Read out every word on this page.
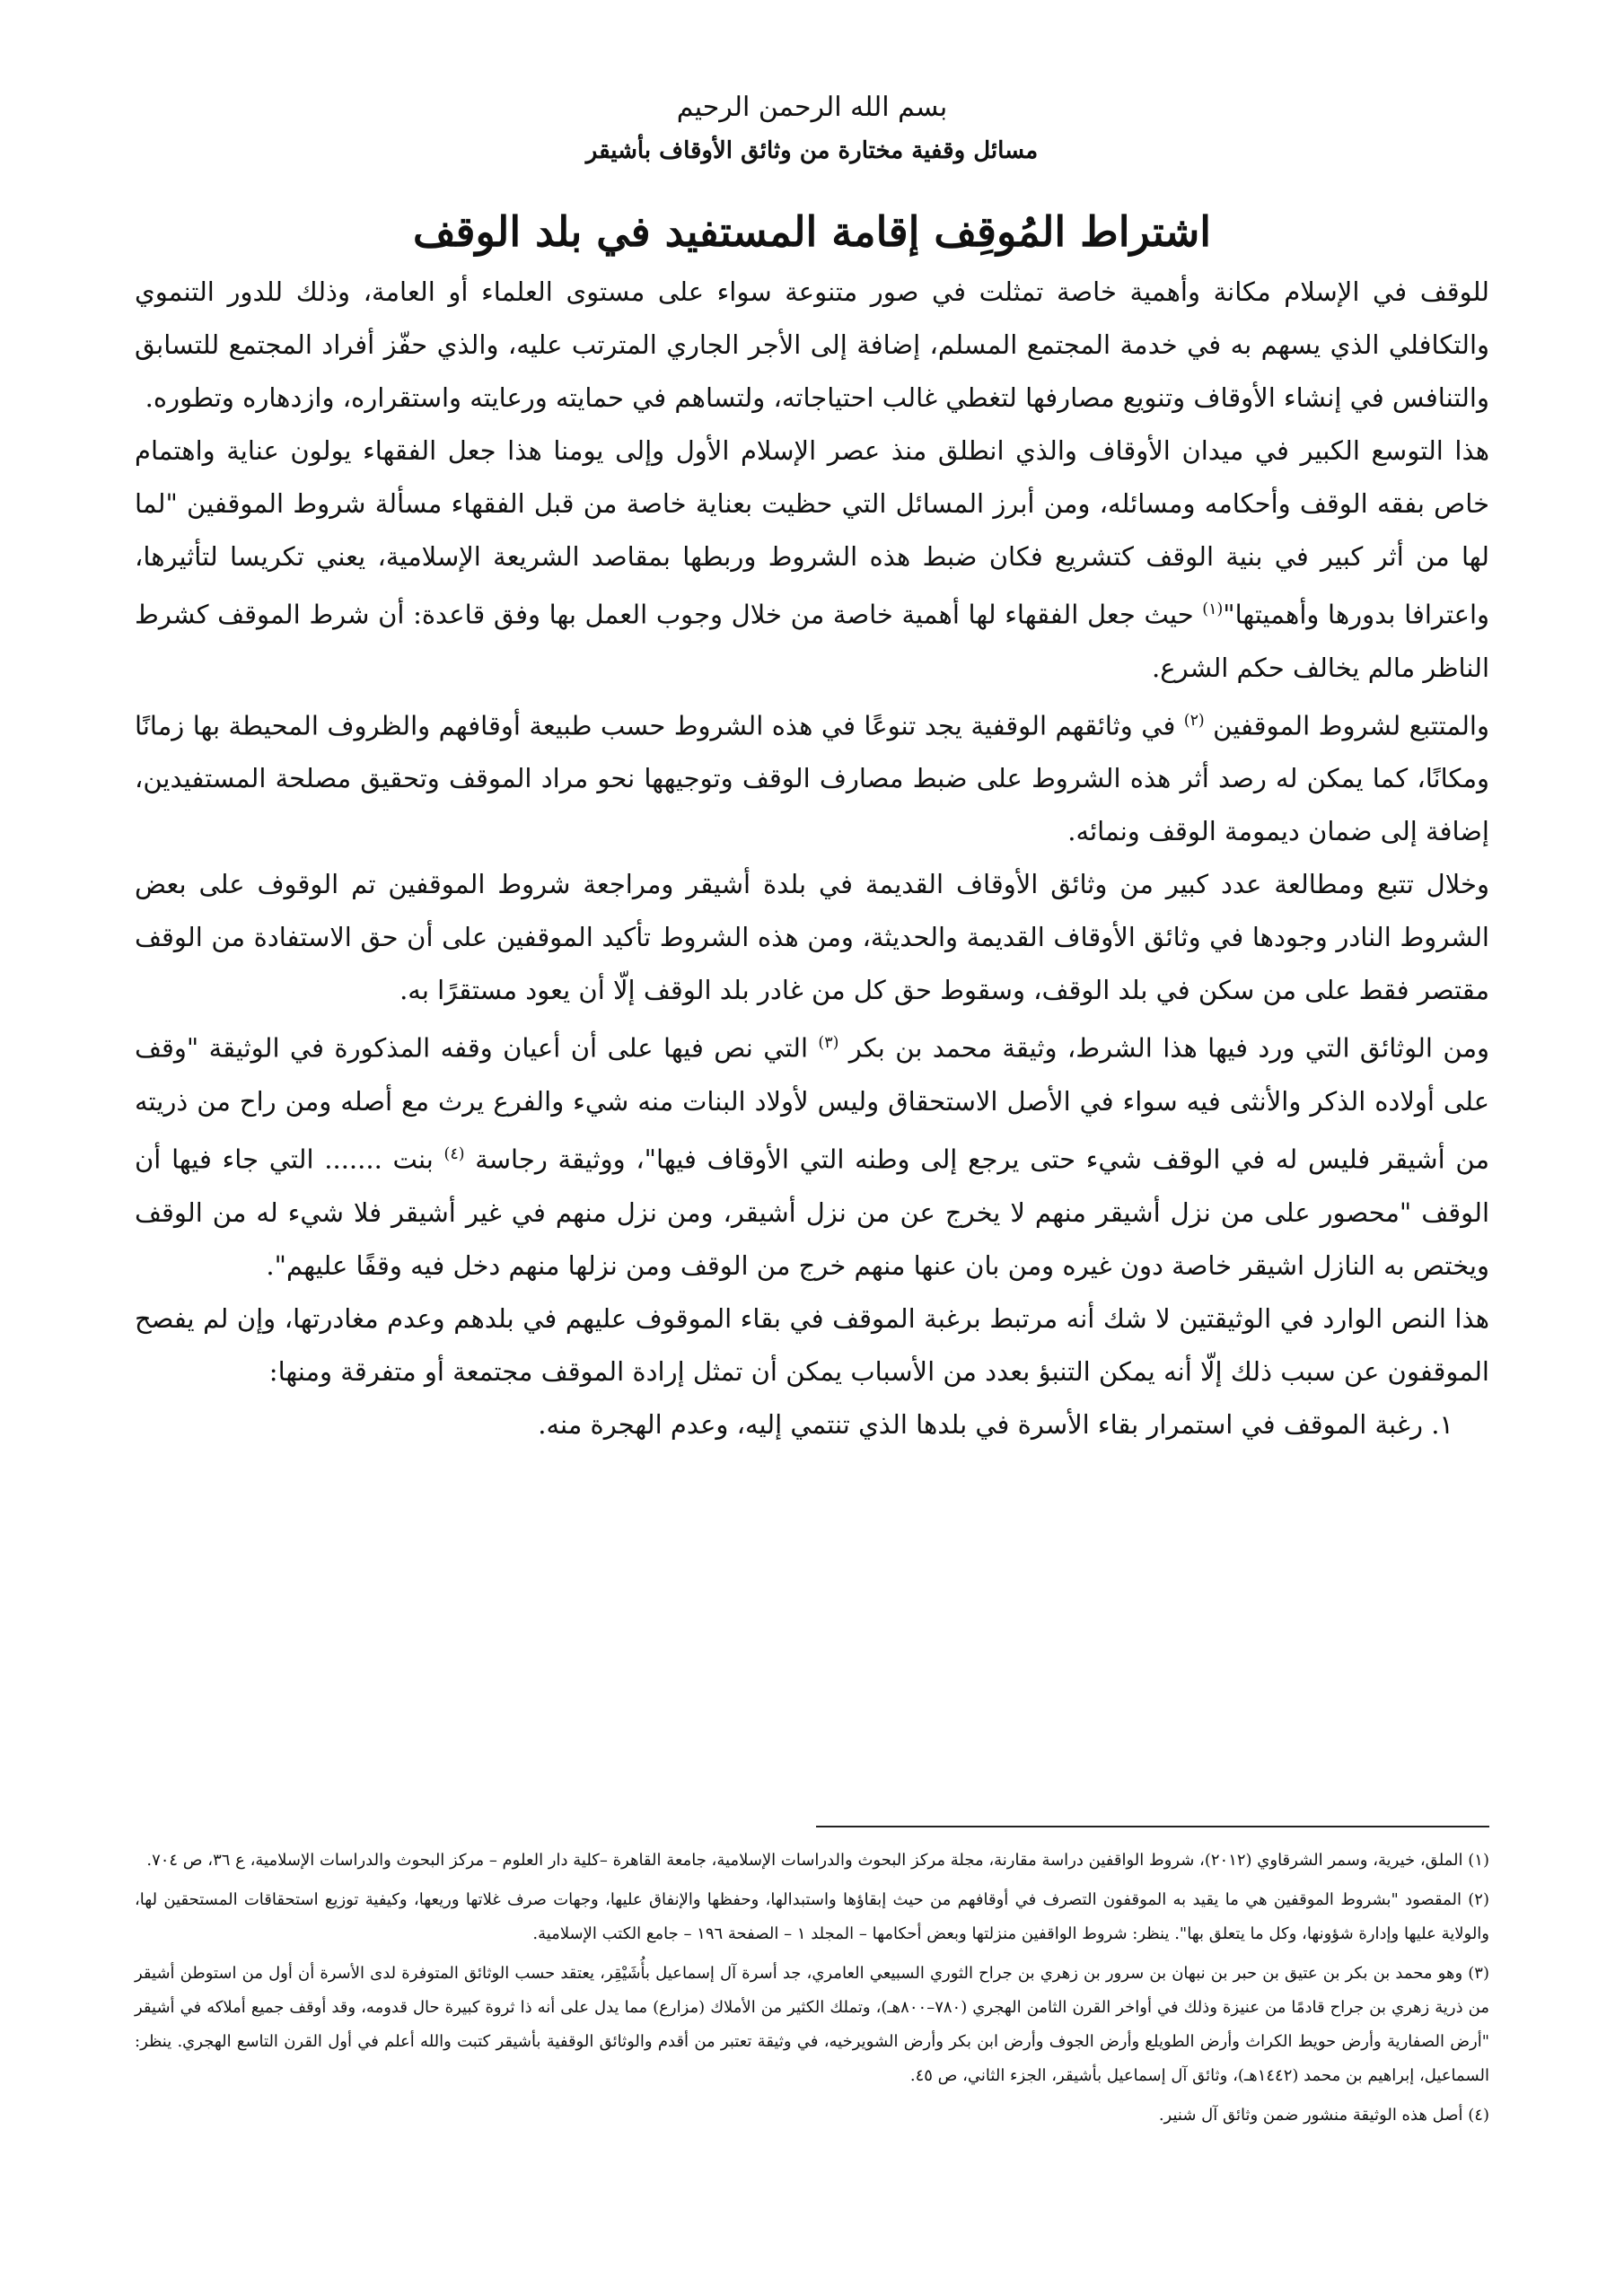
بسم الله الرحمن الرحيم

مسائل وقفية مختارة من وثائق الأوقاف بأشيقر

اشتراط المُوقِف إقامة المستفيد في بلد الوقف

للوقف في الإسلام مكانة وأهمية خاصة تمثلت في صور متنوعة سواء على مستوى العلماء أو العامة، وذلك للدور التنموي والتكافلي الذي يسهم به في خدمة المجتمع المسلم، إضافة إلى الأجر الجاري المترتب عليه، والذي حفّز أفراد المجتمع للتسابق والتنافس في إنشاء الأوقاف وتنويع مصارفها لتغطي غالب احتياجاته، ولتساهم في حمايته ورعايته واستقراره، وازدهاره وتطوره.

هذا التوسع الكبير في ميدان الأوقاف والذي انطلق منذ عصر الإسلام الأول وإلى يومنا هذا جعل الفقهاء يولون عناية واهتمام خاص بفقه الوقف وأحكامه ومسائله، ومن أبرز المسائل التي حظيت بعناية خاصة من قبل الفقهاء مسألة شروط الموقفين "لما لها من أثر كبير في بنية الوقف كتشريع فكان ضبط هذه الشروط وربطها بمقاصد الشريعة الإسلامية، يعني تكريسا لتأثيرها، واعترافا بدورها وأهميتها"$^{(١)}$ حيث جعل الفقهاء لها أهمية خاصة من خلال وجوب العمل بها وفق قاعدة: أن شرط الموقف كشرط الناظر مالم يخالف حكم الشرع.

والمتتبع لشروط الموقفين $^{(٢)}$ في وثائقهم الوقفية يجد تنوعًا في هذه الشروط حسب طبيعة أوقافهم والظروف المحيطة بها زمانًا ومكانًا، كما يمكن له رصد أثر هذه الشروط على ضبط مصارف الوقف وتوجيهها نحو مراد الموقف وتحقيق مصلحة المستفيدين، إضافة إلى ضمان ديمومة الوقف ونمائه.

وخلال تتبع ومطالعة عدد كبير من وثائق الأوقاف القديمة في بلدة أشيقر ومراجعة شروط الموقفين تم الوقوف على بعض الشروط النادر وجودها في وثائق الأوقاف القديمة والحديثة، ومن هذه الشروط تأكيد الموقفين على أن حق الاستفادة من الوقف مقتصر فقط على من سكن في بلد الوقف، وسقوط حق كل من غادر بلد الوقف إلّا أن يعود مستقرًا به.

ومن الوثائق التي ورد فيها هذا الشرط، وثيقة محمد بن بكر $^{(٣)}$ التي نص فيها على أن أعيان وقفه المذكورة في الوثيقة "وقف على أولاده الذكر والأنثى فيه سواء في الأصل الاستحقاق وليس لأولاد البنات منه شيء والفرع يرث مع أصله ومن راح من ذريته من أشيقر فليس له في الوقف شيء حتى يرجع إلى وطنه التي الأوقاف فيها"، ووثيقة رجاسة $^{(٤)}$ بنت ....... التي جاء فيها أن الوقف "محصور على من نزل أشيقر منهم لا يخرج عن من نزل أشيقر، ومن نزل منهم في غير أشيقر فلا شيء له من الوقف ويختص به النازل اشيقر خاصة دون غيره ومن بان عنها منهم خرج من الوقف ومن نزلها منهم دخل فيه وقفًا عليهم".

هذا النص الوارد في الوثيقتين لا شك أنه مرتبط برغبة الموقف في بقاء الموقوف عليهم في بلدهم وعدم مغادرتها، وإن لم يفصح الموقفون عن سبب ذلك إلّا أنه يمكن التنبؤ بعدد من الأسباب يمكن أن تمثل إرادة الموقف مجتمعة أو متفرقة ومنها:

١. رغبة الموقف في استمرار بقاء الأسرة في بلدها الذي تنتمي إليه، وعدم الهجرة منه.

(١) الملق، خيرية، وسمر الشرقاوي (٢٠١٢)، شروط الواقفين دراسة مقارنة، مجلة مركز البحوث والدراسات الإسلامية، جامعة القاهرة –كلية دار العلوم – مركز البحوث والدراسات الإسلامية، ع ٣٦، ص ٧٠٤.

(٢) المقصود "بشروط الموقفين هي ما يقيد به الموقفون التصرف في أوقافهم من حيث إبقاؤها واستبدالها، وحفظها والإنفاق عليها، وجهات صرف غلاتها وريعها، وكيفية توزيع استحقاقات المستحقين لها، والولاية عليها وإدارة شؤونها، وكل ما يتعلق بها". ينظر: شروط الواقفين منزلتها وبعض أحكامها – المجلد ١ – الصفحة ١٩٦ – جامع الكتب الإسلامية.

(٣) وهو محمد بن بكر بن عتيق بن حبر بن نبهان بن سرور بن زهري بن جراح الثوري السبيعي العامري، جد أسرة آل إسماعيل بأُشَيْقِر، يعتقد حسب الوثائق المتوفرة لدى الأسرة أن أول من استوطن أشيقر من ذرية زهري بن جراح قادمًا من عنيزة وذلك في أواخر القرن الثامن الهجري (٧٨٠–٨٠٠هـ)، وتملك الكثير من الأملاك (مزارع) مما يدل على أنه ذا ثروة كبيرة حال قدومه، وقد أوقف جميع أملاكه في أشيقر "أرض الصفارية وأرض حويط الكراث وأرض الطويلع وأرض الجوف وأرض ابن بكر وأرض الشويرخيه، في وثيقة تعتبر من أقدم والوثائق الوقفية بأشيقر كتبت والله أعلم في أول القرن التاسع الهجري. ينظر: السماعيل، إبراهيم بن محمد (١٤٤٢هـ)، وثائق آل إسماعيل بأشيقر، الجزء الثاني، ص ٤٥.

(٤) أصل هذه الوثيقة منشور ضمن وثائق آل شنير.
